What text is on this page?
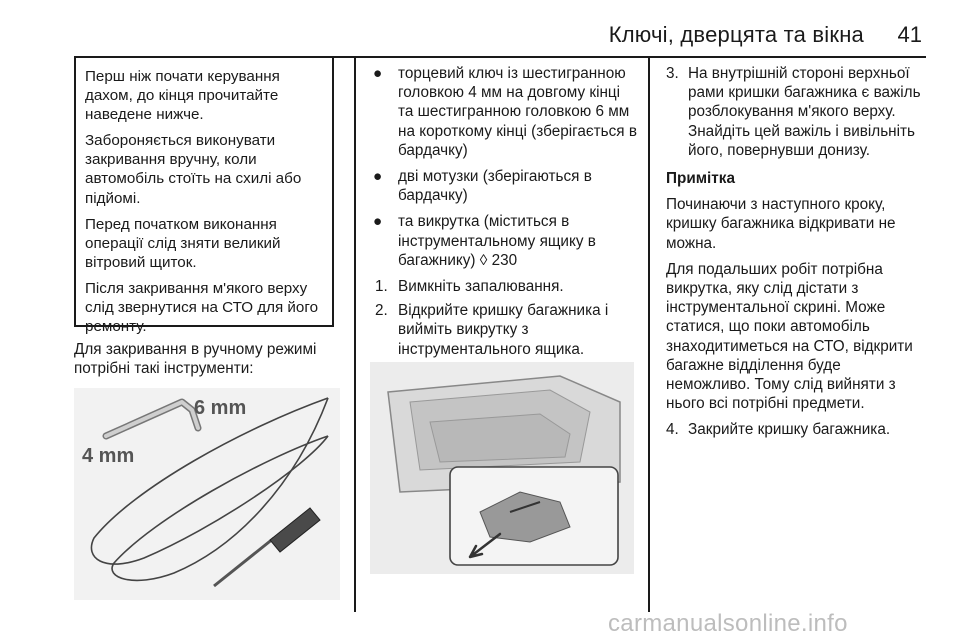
Ключі, дверцята та вікна 41

Перш ніж почати керування дахом, до кінця прочитайте наведене нижче.

Забороняється виконувати закривання вручну, коли автомобіль стоїть на схилі або підйомі.

Перед початком виконання операції слід зняти великий вітровий щиток.

Після закривання м'якого верху слід звернутися на СТО для його ремонту.

Для закривання в ручному режимі потрібні такі інструменти:

6 mm
4 mm
● торцевий ключ із шестигранною головкою 4 мм на довгому кінці та шестигранною головкою 6 мм на короткому кінці (зберігається в бардачку)
● дві мотузки (зберігаються в бардачку)
● та викрутка (міститься в інструментальному ящику в багажнику) ◊ 230
1. Вимкніть запалювання.
2. Відкрийте кришку багажника і вийміть викрутку з інструментального ящика.
3. На внутрішній стороні верхньої рами кришки багажника є важіль розблокування м'якого верху. Знайдіть цей важіль і вивільніть його, повернувши донизу.

Примітка

Починаючи з наступного кроку, кришку багажника відкривати не можна.

Для подальших робіт потрібна викрутка, яку слід дістати з інструментальної скрині. Може статися, що поки автомобіль знаходитиметься на СТО, відкрити багажне відділення буде неможливо. Тому слід вийняти з нього всі потрібні предмети.

4. Закрийте кришку багажника.
carmanualsonline.info
